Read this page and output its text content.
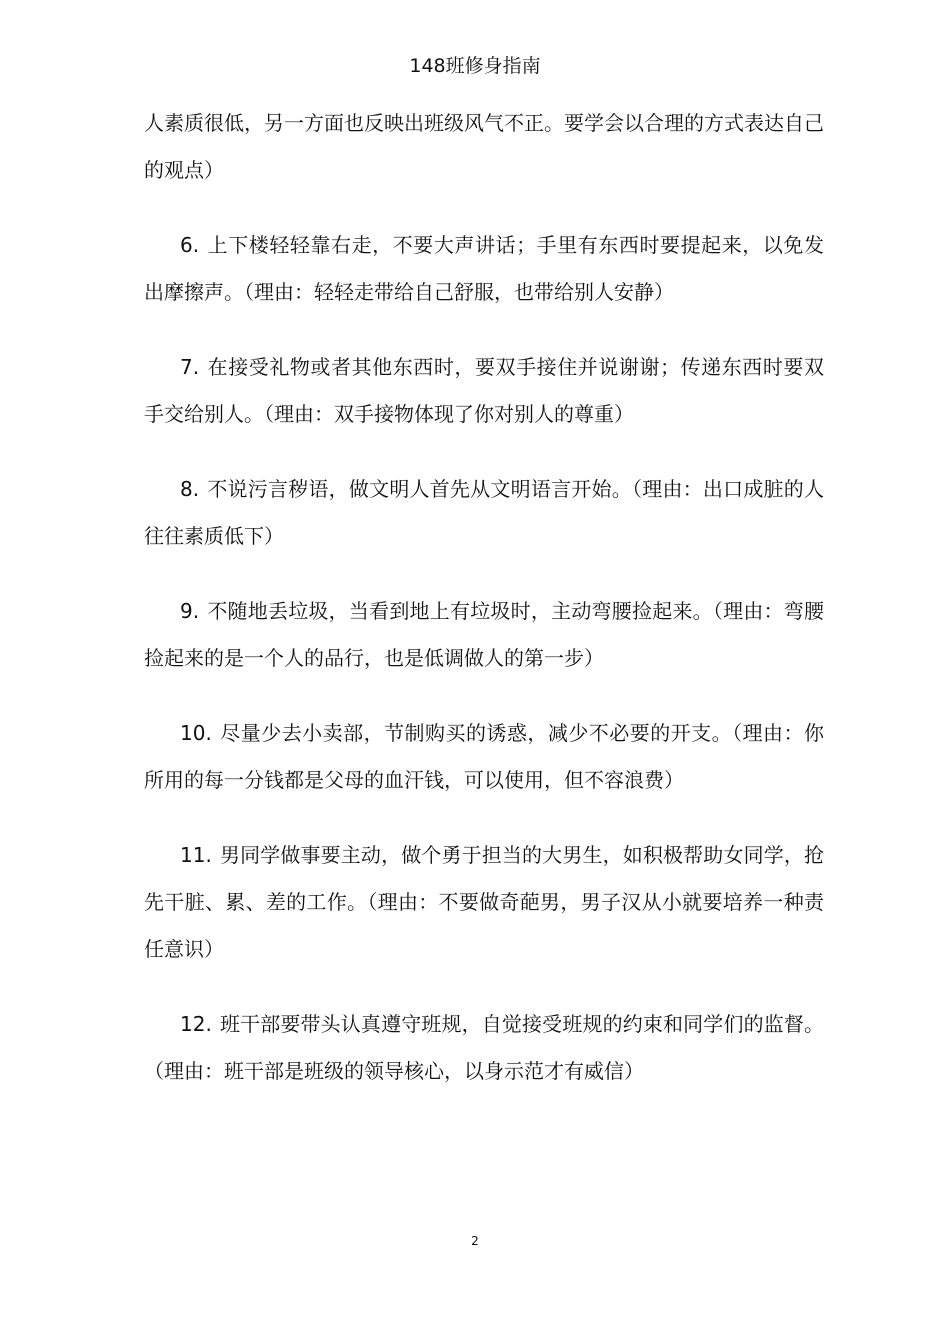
148班修身指南

人素质很低，另一方面也反映出班级风气不正。要学会以合理的方式表达自己的观点）

6. 上下楼轻轻靠右走，不要大声讲话；手里有东西时要提起来，以免发出摩擦声。（理由：轻轻走带给自己舒服，也带给别人安静）

7. 在接受礼物或者其他东西时，要双手接住并说谢谢；传递东西时要双手交给别人。（理由：双手接物体现了你对别人的尊重）

8. 不说污言秽语，做文明人首先从文明语言开始。（理由：出口成脏的人往往素质低下）

9. 不随地丢垃圾，当看到地上有垃圾时，主动弯腰捡起来。（理由：弯腰捡起来的是一个人的品行，也是低调做人的第一步）

10. 尽量少去小卖部，节制购买的诱惑，减少不必要的开支。（理由：你所用的每一分钱都是父母的血汗钱，可以使用，但不容浪费）

11. 男同学做事要主动，做个勇于担当的大男生，如积极帮助女同学，抢先干脏、累、差的工作。（理由：不要做奇葩男，男子汉从小就要培养一种责任意识）

12. 班干部要带头认真遵守班规，自觉接受班规的约束和同学们的监督。（理由：班干部是班级的领导核心，以身示范才有威信）

2
